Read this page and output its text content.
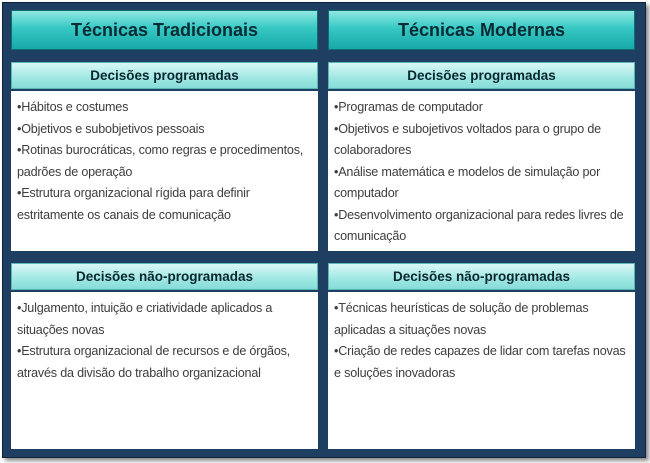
Técnicas Tradicionais
Decisões programadas
•Hábitos e costumes
•Objetivos e subobjetivos pessoais
•Rotinas burocráticas, como regras e procedimentos, padrões de operação
•Estrutura organizacional rígida para definir estritamente os canais de comunicação
Decisões não-programadas
•Julgamento, intuição e criatividade aplicados a situações novas
•Estrutura organizacional de recursos e de órgãos, através da divisão do trabalho organizacional
Técnicas Modernas
Decisões programadas
•Programas de computador
•Objetivos e subojetivos voltados para o grupo de colaboradores
•Análise matemática e modelos de simulação por computador
•Desenvolvimento organizacional para redes livres de comunicação
Decisões não-programadas
•Técnicas heurísticas de solução de problemas aplicadas a situações novas
•Criação de redes capazes de lidar com tarefas novas e soluções inovadoras
